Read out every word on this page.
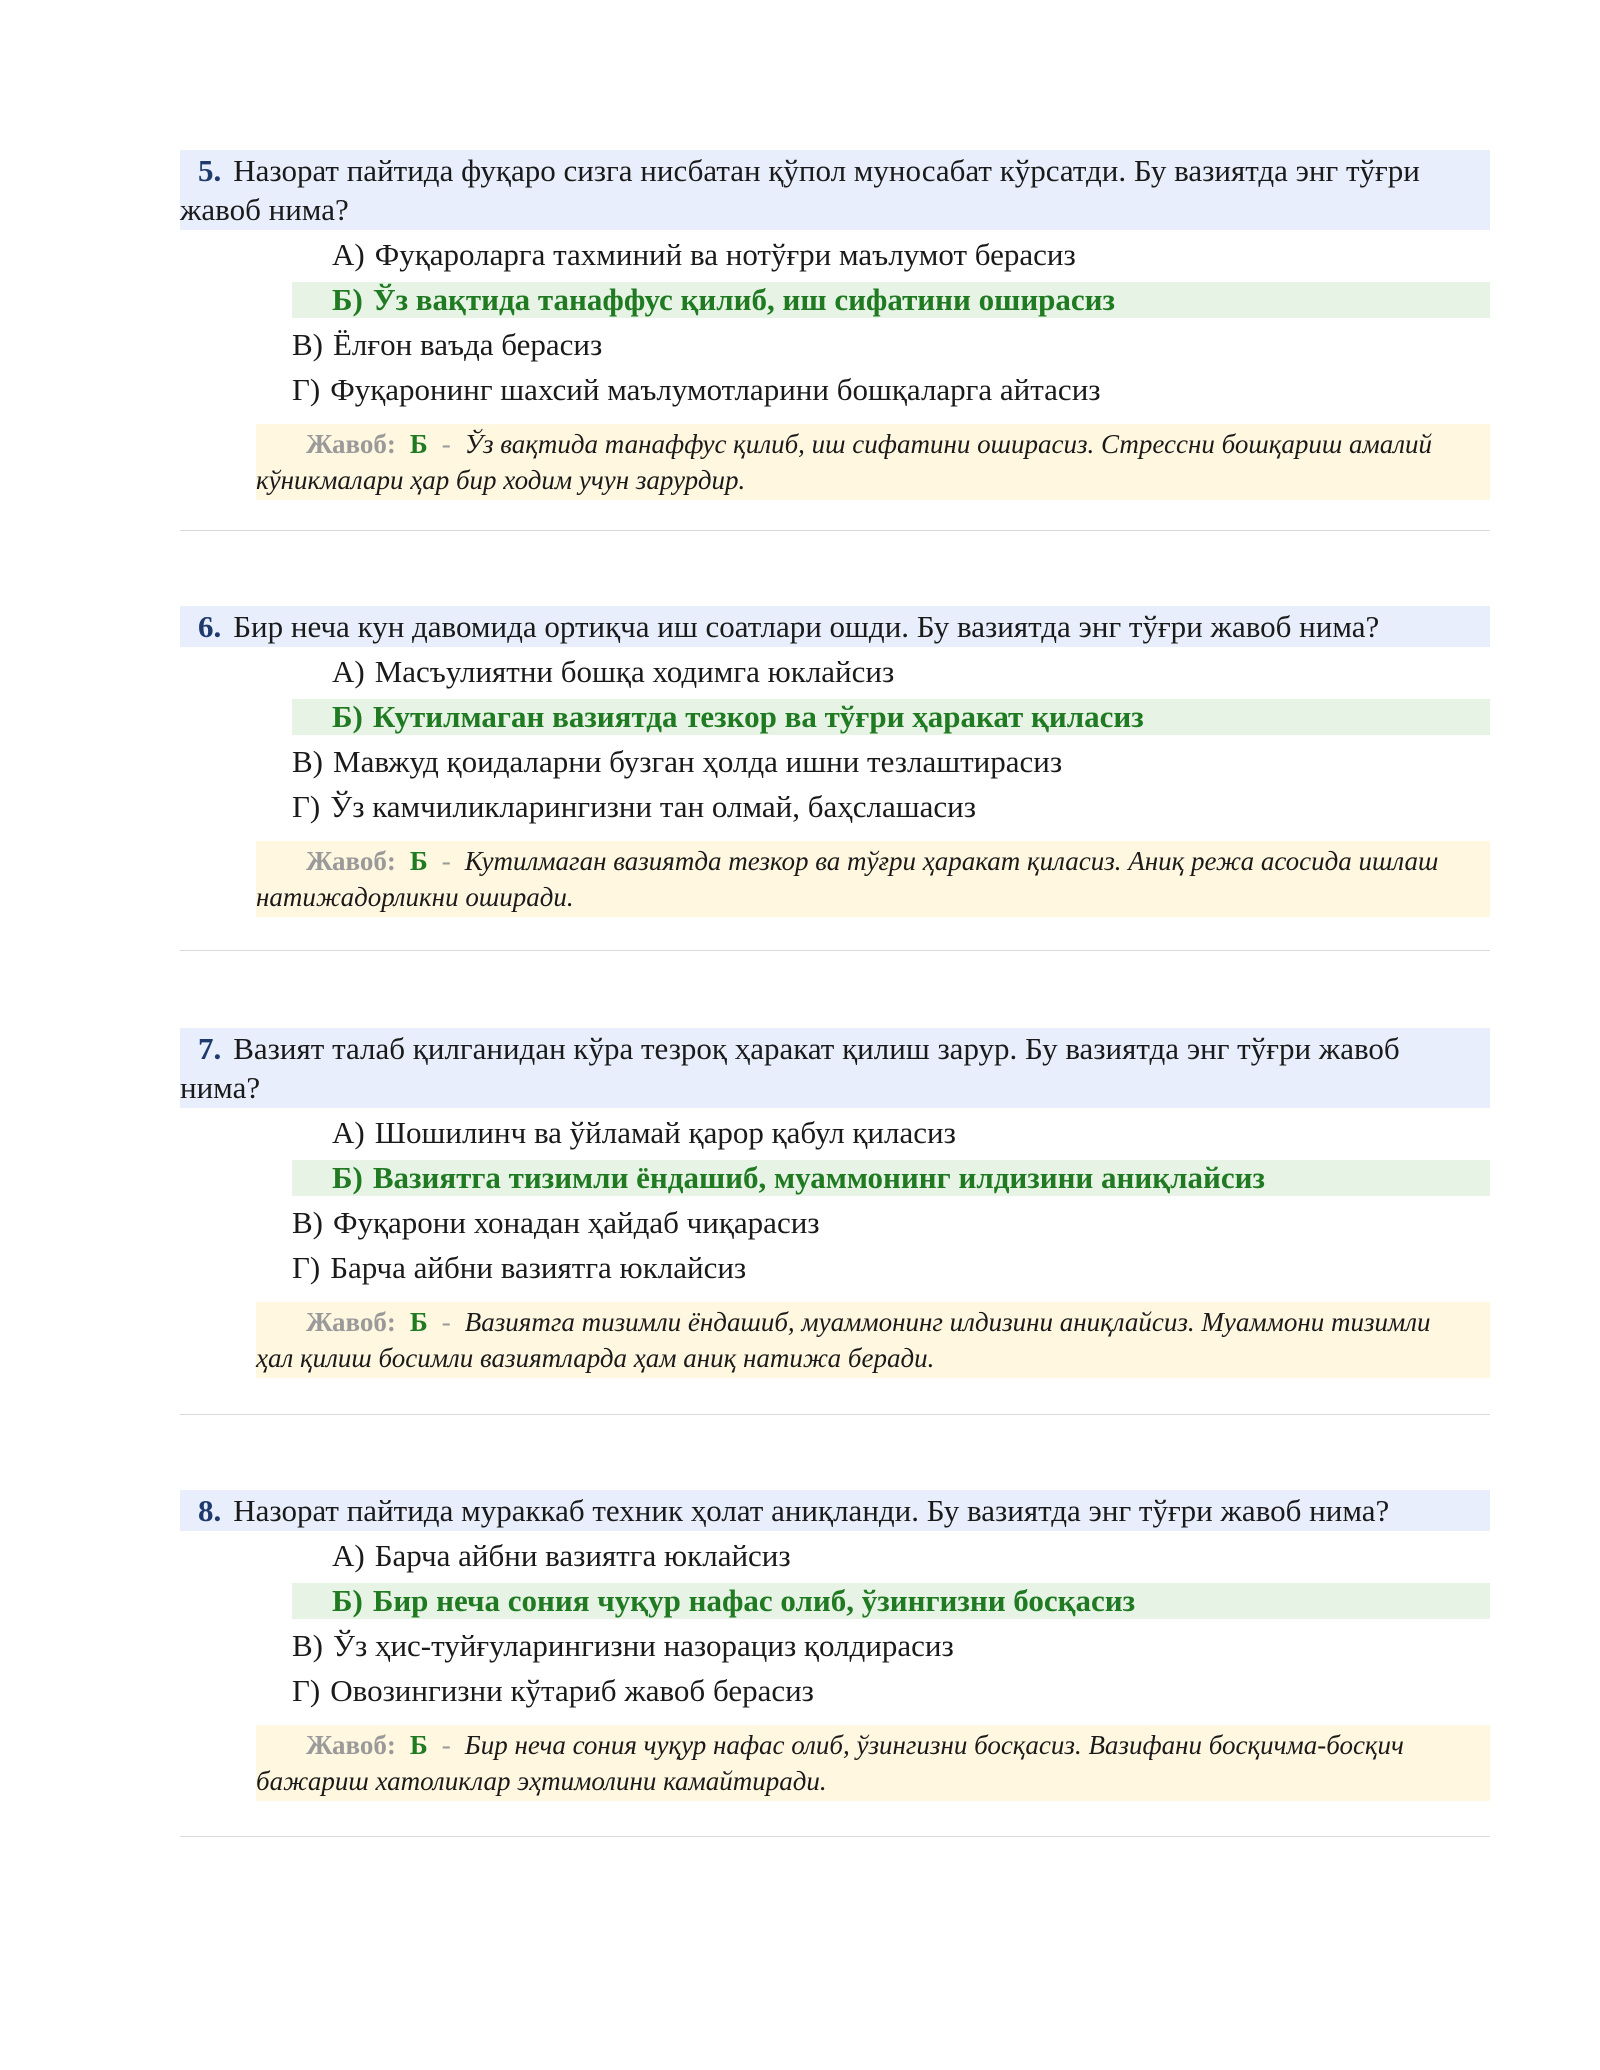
5. Назорат пайтида фуқаро сизга нисбатан қўпол муносабат кўрсатди. Бу вазиятда энг тўғри жавоб нима?

А) Фуқароларга тахминий ва нотўғри маълумот берасиз
Б) Ўз вақтида танаффус қилиб, иш сифатини оширасиз
В) Ёлғон ваъда берасиз
Г) Фуқаронинг шахсий маълумотларини бошқаларга айтасиз
Жавоб: Б - Ўз вақтида танаффус қилиб, иш сифатини оширасиз. Стрессни бошқариш амалий кўникмалари ҳар бир ходим учун зарурдир.

6. Бир неча кун давомида ортиқча иш соатлари ошди. Бу вазиятда энг тўғри жавоб нима?

А) Масъулиятни бошқа ходимга юклайсиз
Б) Кутилмаган вазиятда тезкор ва тўғри ҳаракат қиласиз
В) Мавжуд қоидаларни бузган ҳолда ишни тезлаштирасиз
Г) Ўз камчиликларингизни тан олмай, баҳслашасиз
Жавоб: Б - Кутилмаган вазиятда тезкор ва тўғри ҳаракат қиласиз. Аниқ режа асосида ишлаш натижадорликни оширади.

7. Вазият талаб қилганидан кўра тезроқ ҳаракат қилиш зарур. Бу вазиятда энг тўғри жавоб нима?

А) Шошилинч ва ўйламай қарор қабул қиласиз
Б) Вазиятга тизимли ёндашиб, муаммонинг илдизини аниқлайсиз
В) Фуқарони хонадан ҳайдаб чиқарасиз
Г) Барча айбни вазиятга юклайсиз
Жавоб: Б - Вазиятга тизимли ёндашиб, муаммонинг илдизини аниқлайсиз. Муаммони тизимли ҳал қилиш босимли вазиятларда ҳам аниқ натижа беради.

8. Назорат пайтида мураккаб техник ҳолат аниқланди. Бу вазиятда энг тўғри жавоб нима?

А) Барча айбни вазиятга юклайсиз
Б) Бир неча сония чуқур нафас олиб, ўзингизни босқасиз
В) Ўз ҳис-туйғуларингизни назорациз қолдирасиз
Г) Овозингизни кўтариб жавоб берасиз
Жавоб: Б - Бир неча сония чуқур нафас олиб, ўзингизни босқасиз. Вазифани босқичма-босқич бажариш хатоликлар эҳтимолини камайтиради.
